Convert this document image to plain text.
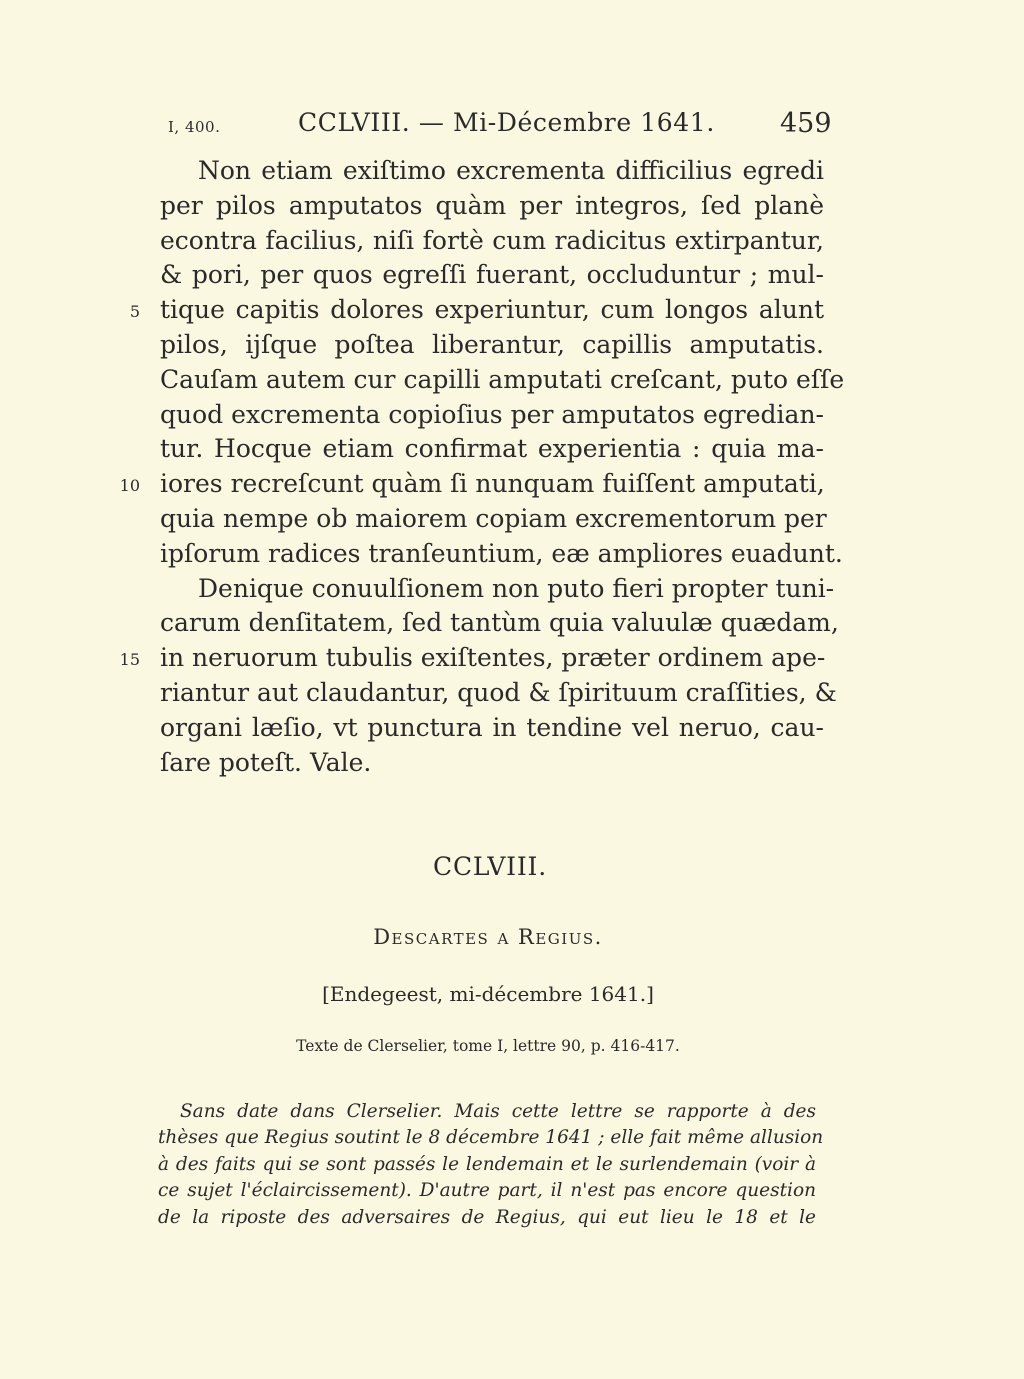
I, 400.	CCLVIII. — Mi-Décembre 1641. 459
Non etiam exiſtimo excrementa difficilius egredi
per pilos amputatos quàm per integros, ſed planè
econtra facilius, niſi fortè cum radicitus extirpantur,
& pori, per quos egreſſi fuerant, occluduntur ; mul-
5 tique capitis dolores experiuntur, cum longos alunt
pilos, ijſque poſtea liberantur, capillis amputatis.
Cauſam autem cur capilli amputati creſcant, puto eſſe
quod excrementa copioſius per amputatos egredian-
tur. Hocque etiam confirmat experientia : quia ma-
10 iores recreſcunt quàm ſi nunquam fuiſſent amputati,
quia nempe ob maiorem copiam excrementorum per
ipſorum radices tranſeuntium, eæ ampliores euadunt.
Denique conuulſionem non puto fieri propter tuni-
carum denſitatem, ſed tantùm quia valuulæ quædam,
15 in neruorum tubulis exiſtentes, præter ordinem ape-
riantur aut claudantur, quod & ſpirituum craſſities, &
organi læſio, vt punctura in tendine vel neruo, cau-
ſare poteſt. Vale.
CCLVIII.
Descartes a Regius.
[Endegeest, mi-décembre 1641.]
Texte de Clerselier, tome I, lettre 90, p. 416-417.
Sans date dans Clerselier. Mais cette lettre se rapporte à des
thèses que Regius soutint le 8 décembre 1641 ; elle fait même allusion
à des faits qui se sont passés le lendemain et le surlendemain (voir à
ce sujet l'éclaircissement). D'autre part, il n'est pas encore question
de la riposte des adversaires de Regius, qui eut lieu le 18 et le
